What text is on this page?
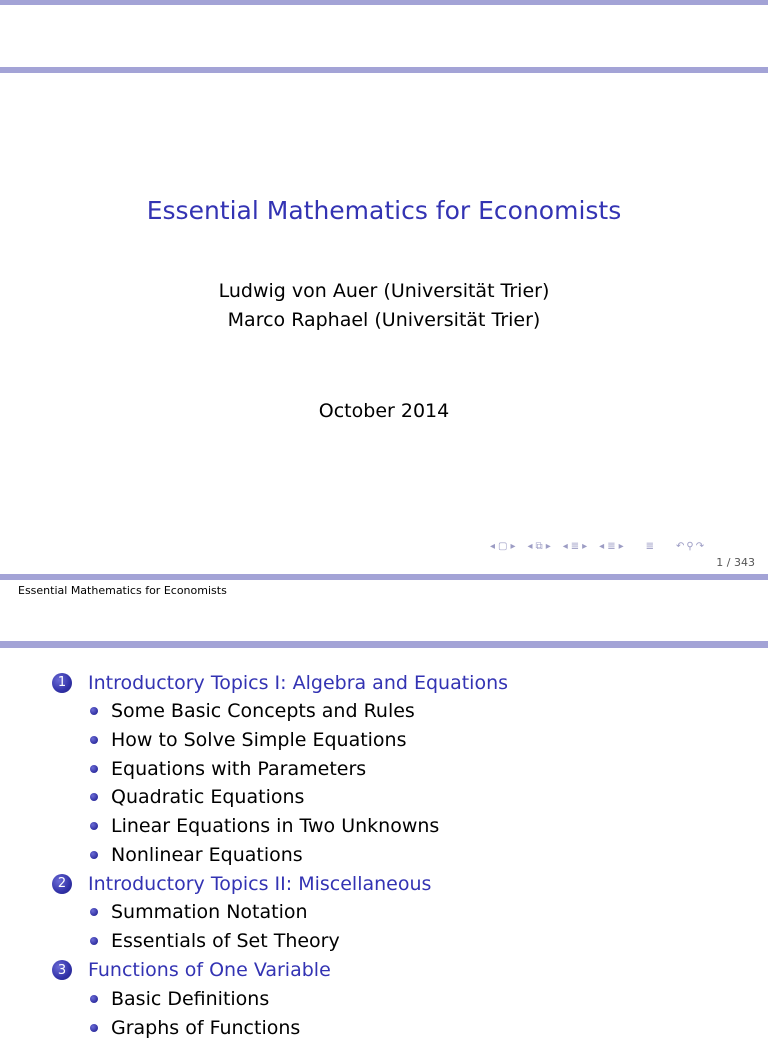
Essential Mathematics for Economists
Ludwig von Auer (Universität Trier)
Marco Raphael (Universität Trier)
October 2014
◂ ▢ ▸ ◂ ⧉ ▸ ◂ ≣ ▸ ◂ ≣ ▸ ≣ ↶ ⚲ ↷
1 / 343
Essential Mathematics for Economists
1	Introductory Topics I: Algebra and Equations
Some Basic Concepts and Rules
How to Solve Simple Equations
Equations with Parameters
Quadratic Equations
Linear Equations in Two Unknowns
Nonlinear Equations
2	Introductory Topics II: Miscellaneous
Summation Notation
Essentials of Set Theory
3	Functions of One Variable
Basic Definitions
Graphs of Functions
